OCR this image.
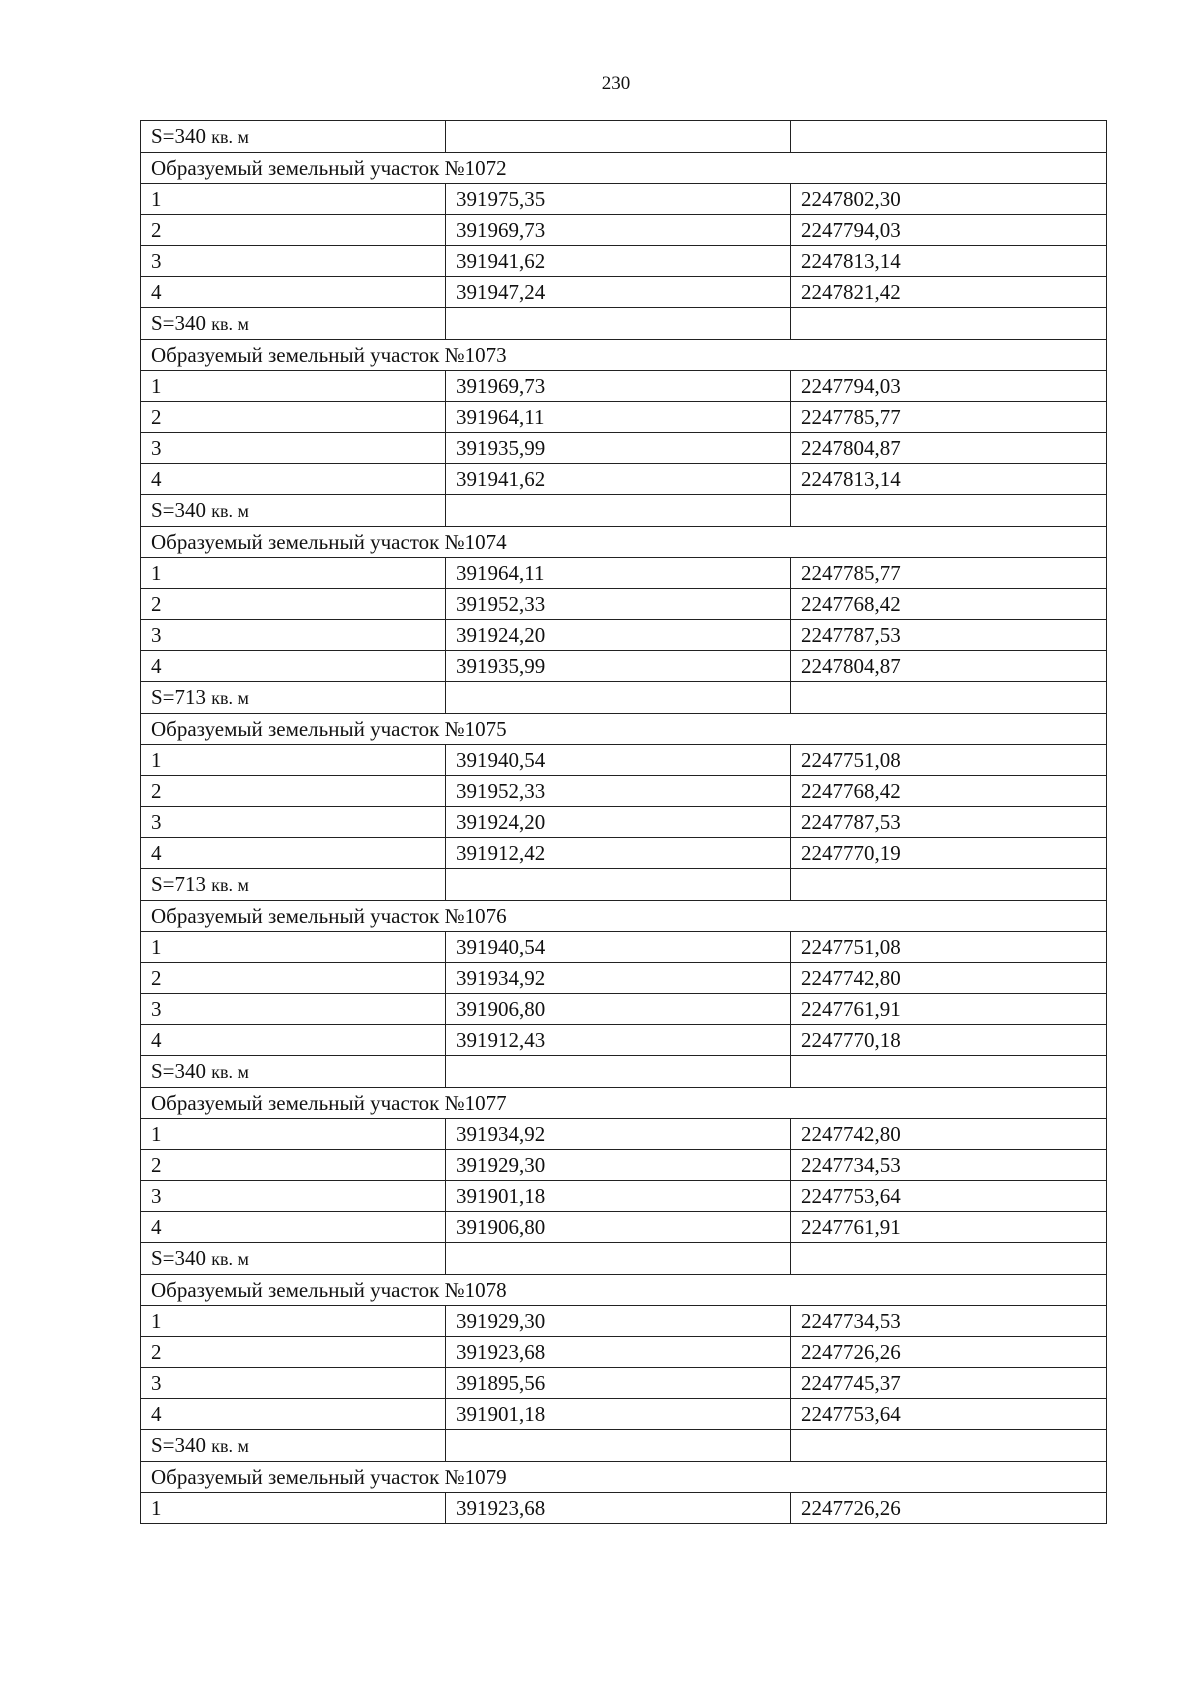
230
S=340 кв. м		
Образуемый земельный участок №1072		
1	391975,35	2247802,30
2	391969,73	2247794,03
3	391941,62	2247813,14
4	391947,24	2247821,42
S=340 кв. м		
Образуемый земельный участок №1073		
1	391969,73	2247794,03
2	391964,11	2247785,77
3	391935,99	2247804,87
4	391941,62	2247813,14
S=340 кв. м		
Образуемый земельный участок №1074		
1	391964,11	2247785,77
2	391952,33	2247768,42
3	391924,20	2247787,53
4	391935,99	2247804,87
S=713 кв. м		
Образуемый земельный участок №1075		
1	391940,54	2247751,08
2	391952,33	2247768,42
3	391924,20	2247787,53
4	391912,42	2247770,19
S=713 кв. м		
Образуемый земельный участок №1076		
1	391940,54	2247751,08
2	391934,92	2247742,80
3	391906,80	2247761,91
4	391912,43	2247770,18
S=340 кв. м		
Образуемый земельный участок №1077		
1	391934,92	2247742,80
2	391929,30	2247734,53
3	391901,18	2247753,64
4	391906,80	2247761,91
S=340 кв. м		
Образуемый земельный участок №1078		
1	391929,30	2247734,53
2	391923,68	2247726,26
3	391895,56	2247745,37
4	391901,18	2247753,64
S=340 кв. м		
Образуемый земельный участок №1079		
1	391923,68	2247726,26
